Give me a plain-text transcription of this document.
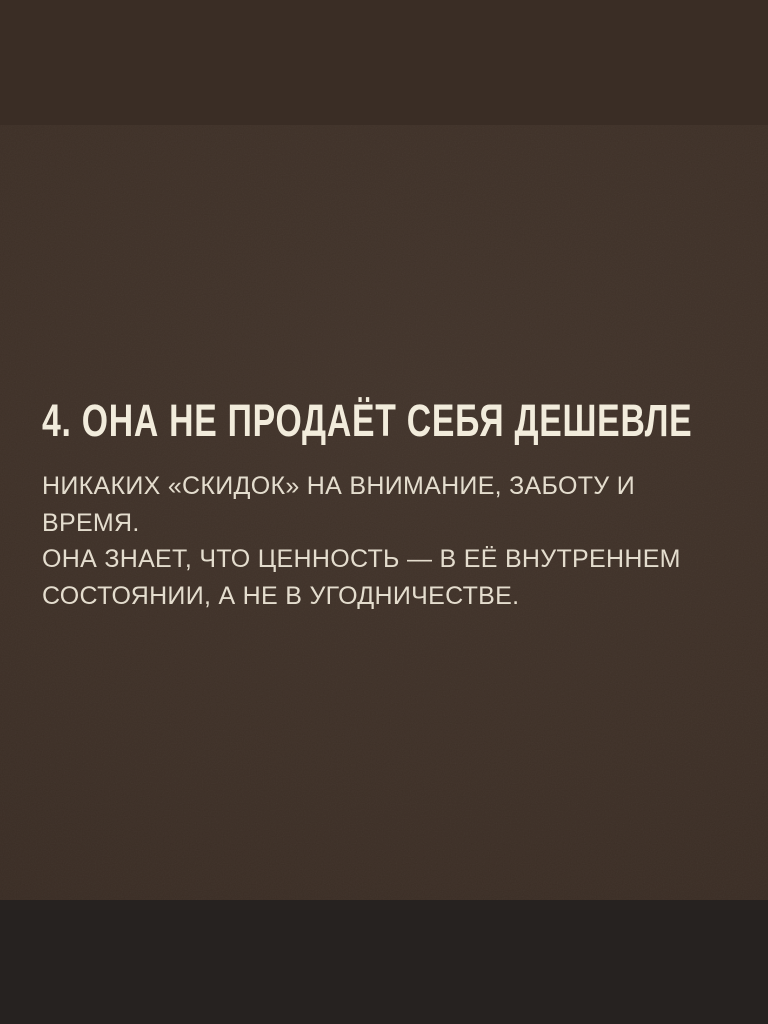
4. ОНА НЕ ПРОДАЁТ СЕБЯ ДЕШЕВЛЕ
НИКАКИХ «СКИДОК» НА ВНИМАНИЕ, ЗАБОТУ И
ВРЕМЯ.
ОНА ЗНАЕТ, ЧТО ЦЕННОСТЬ — В ЕЁ ВНУТРЕННЕМ
СОСТОЯНИИ, А НЕ В УГОДНИЧЕСТВЕ.
